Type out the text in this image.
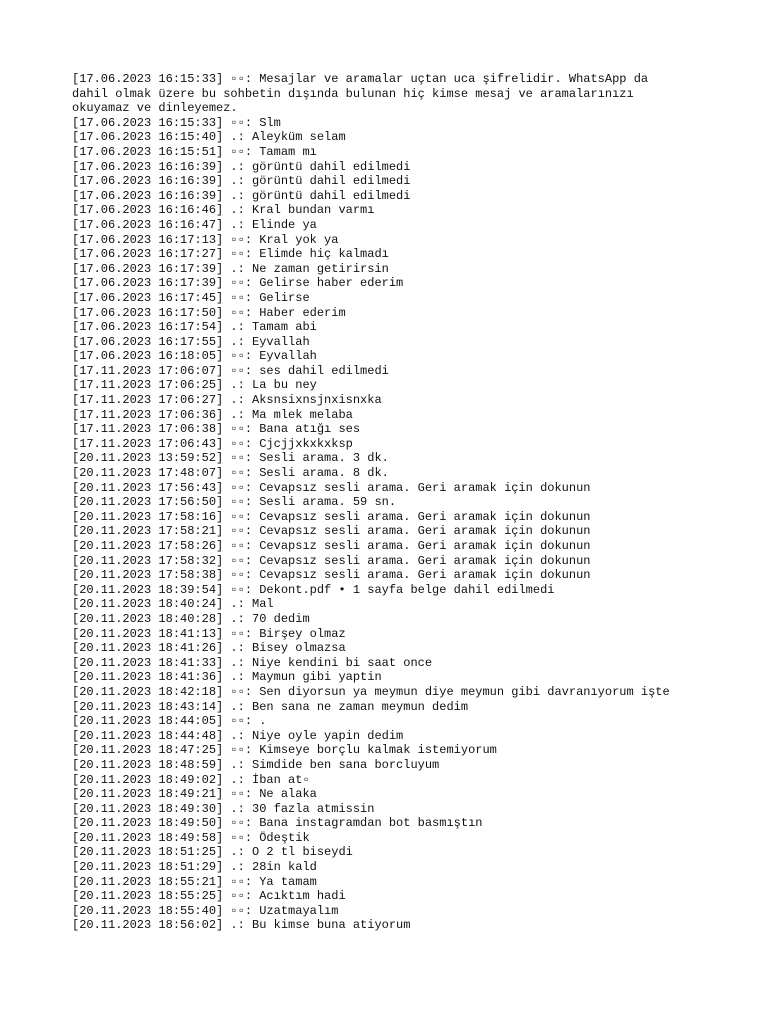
[17.06.2023 16:15:33] ▫▫: Mesajlar ve aramalar uçtan uca şifrelidir. WhatsApp da
dahil olmak üzere bu sohbetin dışında bulunan hiç kimse mesaj ve aramalarınızı
okuyamaz ve dinleyemez.
[17.06.2023 16:15:33] ▫▫: Slm
[17.06.2023 16:15:40] .: Aleyküm selam
[17.06.2023 16:15:51] ▫▫: Tamam mı
[17.06.2023 16:16:39] .: görüntü dahil edilmedi
[17.06.2023 16:16:39] .: görüntü dahil edilmedi
[17.06.2023 16:16:39] .: görüntü dahil edilmedi
[17.06.2023 16:16:46] .: Kral bundan varmı
[17.06.2023 16:16:47] .: Elinde ya
[17.06.2023 16:17:13] ▫▫: Kral yok ya
[17.06.2023 16:17:27] ▫▫: Elimde hiç kalmadı
[17.06.2023 16:17:39] .: Ne zaman getirirsin
[17.06.2023 16:17:39] ▫▫: Gelirse haber ederim
[17.06.2023 16:17:45] ▫▫: Gelirse
[17.06.2023 16:17:50] ▫▫: Haber ederim
[17.06.2023 16:17:54] .: Tamam abi
[17.06.2023 16:17:55] .: Eyvallah
[17.06.2023 16:18:05] ▫▫: Eyvallah
[17.11.2023 17:06:07] ▫▫: ses dahil edilmedi
[17.11.2023 17:06:25] .: La bu ney
[17.11.2023 17:06:27] .: Aksnsixnsjnxisnxka
[17.11.2023 17:06:36] .: Ma mlek melaba
[17.11.2023 17:06:38] ▫▫: Bana atığı ses
[17.11.2023 17:06:43] ▫▫: Cjcjjxkxkxksp
[20.11.2023 13:59:52] ▫▫: Sesli arama. 3 dk.
[20.11.2023 17:48:07] ▫▫: Sesli arama. 8 dk.
[20.11.2023 17:56:43] ▫▫: Cevapsız sesli arama. Geri aramak için dokunun
[20.11.2023 17:56:50] ▫▫: Sesli arama. 59 sn.
[20.11.2023 17:58:16] ▫▫: Cevapsız sesli arama. Geri aramak için dokunun
[20.11.2023 17:58:21] ▫▫: Cevapsız sesli arama. Geri aramak için dokunun
[20.11.2023 17:58:26] ▫▫: Cevapsız sesli arama. Geri aramak için dokunun
[20.11.2023 17:58:32] ▫▫: Cevapsız sesli arama. Geri aramak için dokunun
[20.11.2023 17:58:38] ▫▫: Cevapsız sesli arama. Geri aramak için dokunun
[20.11.2023 18:39:54] ▫▫: Dekont.pdf • 1 sayfa belge dahil edilmedi
[20.11.2023 18:40:24] .: Mal
[20.11.2023 18:40:28] .: 70 dedim
[20.11.2023 18:41:13] ▫▫: Birşey olmaz
[20.11.2023 18:41:26] .: Bisey olmazsa
[20.11.2023 18:41:33] .: Niye kendini bi saat once
[20.11.2023 18:41:36] .: Maymun gibi yaptin
[20.11.2023 18:42:18] ▫▫: Sen diyorsun ya meymun diye meymun gibi davranıyorum işte
[20.11.2023 18:43:14] .: Ben sana ne zaman meymun dedim
[20.11.2023 18:44:05] ▫▫: .
[20.11.2023 18:44:48] .: Niye oyle yapin dedim
[20.11.2023 18:47:25] ▫▫: Kimseye borçlu kalmak istemiyorum
[20.11.2023 18:48:59] .: Simdide ben sana borcluyum
[20.11.2023 18:49:02] .: İban at▫
[20.11.2023 18:49:21] ▫▫: Ne alaka
[20.11.2023 18:49:30] .: 30 fazla atmissin
[20.11.2023 18:49:50] ▫▫: Bana instagramdan bot basmıştın
[20.11.2023 18:49:58] ▫▫: Ödeştik
[20.11.2023 18:51:25] .: O 2 tl biseydi
[20.11.2023 18:51:29] .: 28in kald
[20.11.2023 18:55:21] ▫▫: Ya tamam
[20.11.2023 18:55:25] ▫▫: Acıktım hadi
[20.11.2023 18:55:40] ▫▫: Uzatmayalım
[20.11.2023 18:56:02] .: Bu kimse buna atiyorum
